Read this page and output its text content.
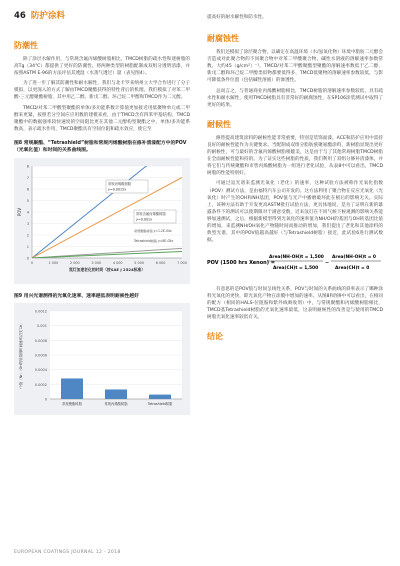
46 防护涂料
防潮性

除了涂层水解作用，与常规含氟丙烯酸树脂相比，TMCD树脂的疏水性和迷树脂的高Tg（34℃）都提供了更好的防潮性。将两种类型的树脂配制成双组分透明清漆，并按照ASTM E-96的方法评估其透湿（水蒸气透过）量（表见图4）。

为了进一步了解其防潮性和耐水解性，我们与北卡罗来纳州立大学合作进行了分子模拟，以更深入的方式了解由TMCD聚酯获得的特性背后的机理。我们模拟了对苯二甲酸-三元醇聚酯树脂，其中用乙二醇、新戊二醇、环己烷二甲醇和TMCD作为二元醇。

TMCD/对苯二甲酸型聚酯的单体/多功能系数计算值更加接近用低聚物单元或二甲醇来更紧。按照若分空间应应用数的建模来看，由于TMCD含有四苯甲基结构，TMCD聚酯中的数据强率较快速度的空间阻比更在其他二元醇构型聚酯之中，单体/多功能系数高，表示疏水作用，TMCD聚酯具有空间位阻和疏水效应，使它至

图8 常规聚酯、“Tetrashield”树脂和常规丙烯酸树脂在修补清漆配方中的POV（光氧化值）和时间的关系曲线图。
0
1
2
3
4
5
6
7
8
0	1 000	2 000	3 000	4 000	5 000	6 000	7 000
常规丙烯酸树脂
y=0.0015x
常规含氟丙烯酸树脂
y=0.001x
常规聚酯树脂 y=1.2E-04x
Tetrashield树脂 y=8E-05x
POV
氙灯加速老化的时间（按SAE J 2524标准）
图9 用兴光谱测得的光氧化速率、速率越低表明耐候性越好
0
0.0002
0.0004
0.0006
0.0008
0.001
0.0012
常规聚酯树脂	常规丙烯酸树脂	Tetrashield树脂
中值（Nr）（OH的转量即时间速率/氙灯1h）

提高好的耐水解性和防水性。

耐腐蚀性

我们还模拟了涂层聚合物，以确定在高温环境（水/氢氧化物）环境中脂肪二元醇会否造成对此聚合物的不同聚合物中对苯二甲酸聚合物、碱性水溶液的溶解速率参数常数，大约45（g/cm²）⁻¹。TMCD/对苯二甲酸聚酯型聚酯的溶解速率数低于乙二醇、新戊二醇和环己烷二甲醇类似物都要低得多，TMCD低聚物的溶解速率参数较低，与影可降低条件位置（包括碱性溶液）的渗透性。

总而言之，与普通商业丙烯酸树脂相比，TMCD树脂的溶解速率参数较低，具有疏水性和耐水解性，使用TMCD树脂具有非常好的耐腐蚀性，在SP106涂装测试中取得了更好的结果。

耐候性

修替提高建筑涂料的耐候性能非常重要，特别是装饰面漆。ACE和防护应用中需持良好的耐候性能作为关键要求。当配制成双组分脂肪族聚氨酯涂料，新树脂显现出更好的耐候性，可与最好的含氟丙烯酸树脂相媲美，这是由于与了其他常规树脂TMCD树脂在全面耐候性能和持的。为了证实这些树脂的性质，我们利用了双组分修补清漆体，并将它们与传统聚酯和市售丙烯酸树脂为一组进行老化试验，从表8中可以看出，TMCD树脂的性能特别好。

可通过氙光谱来监测光氧化（老化）的速率，这种试验方法被称作光氧化指数（POV）测试方法，是由福特汽车公司开发的。这方法利用了聚合物在反应光氧化（光氧化）时产生的OH和NH基团，POV值与光产中播磨破坏此在极后的影响无关。实际上，该种方法有助于开发更高ASTM批打试验方法，更具体地说，是为了证明在新的暴露条件下的测试可以使期限对于满意受数，近来氙灯在不同气候下候观测的影响关系能够加速测试，之后，根据新模型得到光氧化的速率值为NH/OH的基团与OH转基团比值的增加，来监测NH/OH氧化产物随时间而推动的增加，我们提出了老化和其他涂料的典型光谱，其中的POV值越高越好（与Tetrashield树脂）接近，此试验6进行测试数据。

POV (1500 hrs Xenon) =
Area(NH-OH)t = 1,500
Area(CH)t = 1,500
−
Area(NH-OH)t = 0
Area(CH)t = 0

有意思的是POV值与时间呈线性关系，POV与时间的关系曲线的斜率表示了哪种涂料光氧化的更快，即光氧化产物在涂膜中增加的速率。从图8和图9中可以看出，在相同的配方（相同的HALS-位阻胺和紫外线吸收剂）中，与常规聚酯和丙烯酸树脂相比，TMCD基Tetrashield树脂的光氧化速率最低，这表明耐候性的改善是与使用的TMCD树脂光氧化速率较低有关。

结论
EUROPEAN COATINGS JOURNAL 12 - 2018
